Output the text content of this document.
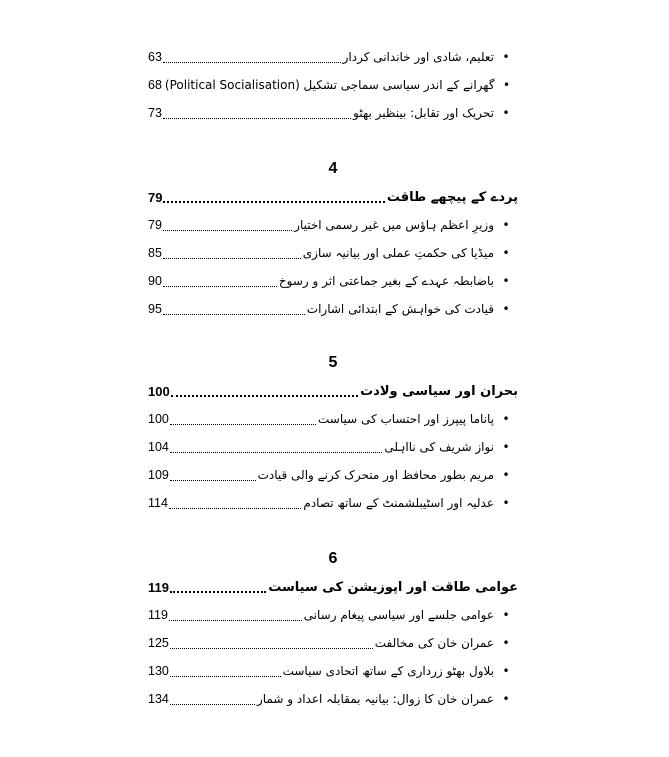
63	تعلیم، شادی اور خاندانی کردار •
68 گھرانے کے اندر سیاسی سماجی تشکیل (Political Socialisation) •
73	تحریک اور تقابل: بینظیر بھٹو •
4
79	پردے کے پیچھے طاقت
79	وزیرِ اعظم ہاؤس میں غیر رسمی اختیار •
85	میڈیا کی حکمتِ عملی اور بیانیہ سازی •
90	باضابطہ عہدے کے بغیر جماعتی اثر و رسوخ •
95	قیادت کی خواہش کے ابتدائی اشارات •
5
100	بحران اور سیاسی ولادت
100	پاناما پیپرز اور احتساب کی سیاست •
104	نواز شریف کی نااہلی •
109	مریم بطور محافظ اور متحرک کرنے والی قیادت •
114	عدلیہ اور اسٹیبلشمنٹ کے ساتھ تصادم •
6
119	عوامی طاقت اور اپوزیشن کی سیاست
119	عوامی جلسے اور سیاسی پیغام رسانی •
125	عمران خان کی مخالفت •
130	بلاول بھٹو زرداری کے ساتھ اتحادی سیاست •
134	عمران خان کا زوال: بیانیہ بمقابلہ اعداد و شمار •
